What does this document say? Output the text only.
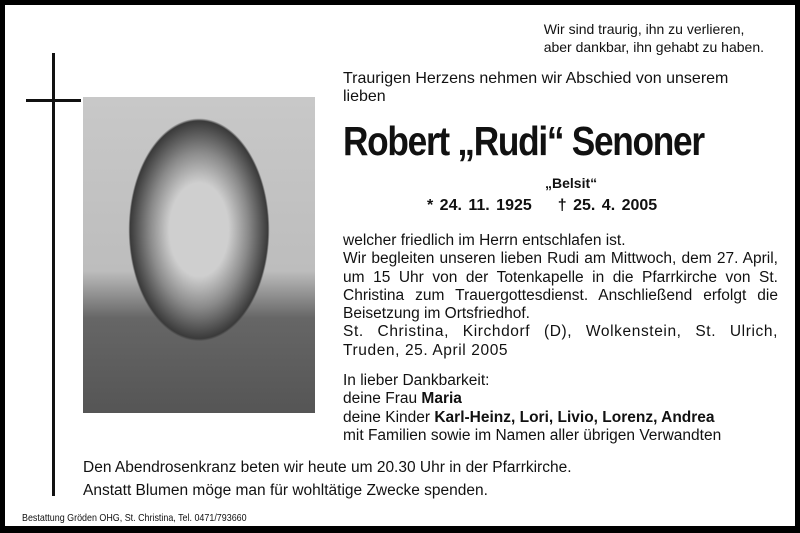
Wir sind traurig, ihn zu verlieren,
aber dankbar, ihn gehabt zu haben.
Traurigen Herzens nehmen wir Abschied von unserem lieben
Robert „Rudi“ Senoner
„Belsit“
* 24. 11. 1925 † 25. 4. 2005

welcher friedlich im Herrn entschlafen ist.

Wir begleiten unseren lieben Rudi am Mittwoch, dem 27. April, um 15 Uhr von der Totenkapelle in die Pfarrkirche von St. Christina zum Trauergottesdienst. Anschließend erfolgt die Beisetzung im Ortsfriedhof.

St. Christina, Kirchdorf (D), Wolkenstein, St. Ulrich, Truden, 25. April 2005

In lieber Dankbarkeit:
deine Frau Maria
deine Kinder Karl-Heinz, Lori, Livio, Lorenz, Andrea
mit Familien sowie im Namen aller übrigen Verwandten
Den Abendrosenkranz beten wir heute um 20.30 Uhr in der Pfarrkirche.
Anstatt Blumen möge man für wohltätige Zwecke spenden.
Bestattung Gröden OHG, St. Christina, Tel. 0471/793660
